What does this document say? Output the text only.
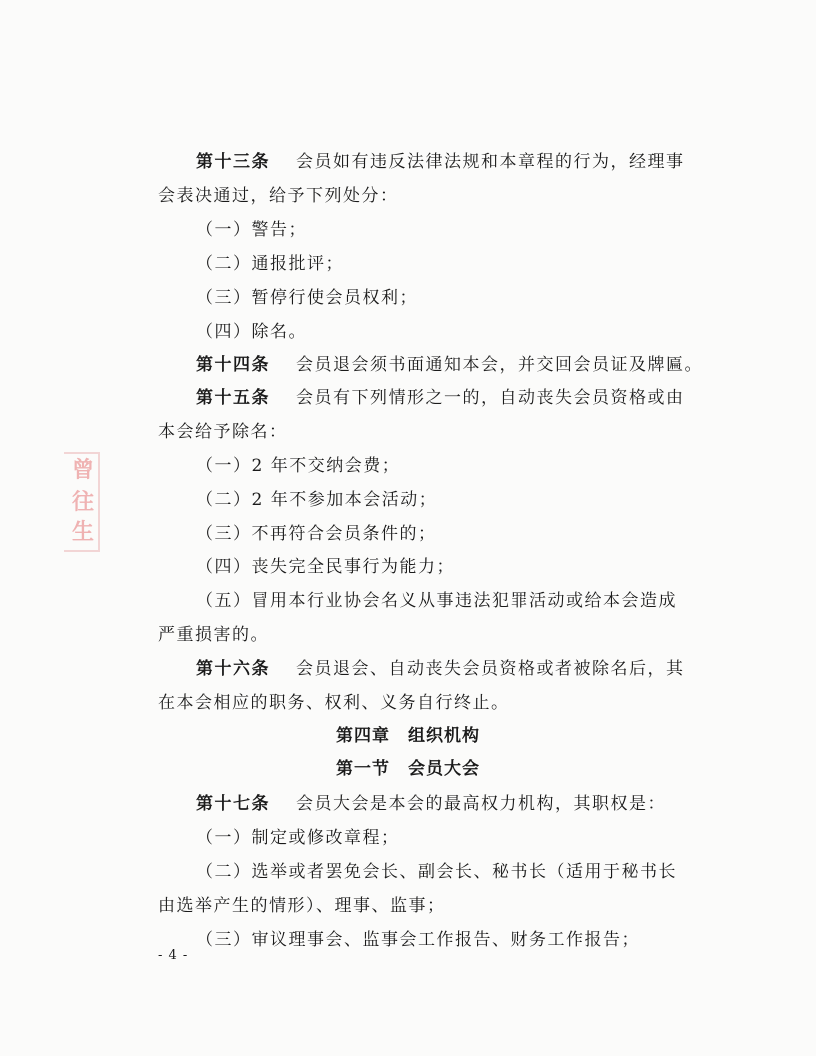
第十三条 会员如有违反法律法规和本章程的行为，经理事
会表决通过，给予下列处分：
（一）警告；
（二）通报批评；
（三）暂停行使会员权利；
（四）除名。
第十四条 会员退会须书面通知本会，并交回会员证及牌匾。
第十五条 会员有下列情形之一的，自动丧失会员资格或由
本会给予除名：
（一）2 年不交纳会费；
（二）2 年不参加本会活动；
（三）不再符合会员条件的；
（四）丧失完全民事行为能力；
（五）冒用本行业协会名义从事违法犯罪活动或给本会造成
严重损害的。
第十六条 会员退会、自动丧失会员资格或者被除名后，其
在本会相应的职务、权利、义务自行终止。
第四章　组织机构
第一节　会员大会
第十七条 会员大会是本会的最高权力机构，其职权是：
（一）制定或修改章程；
（二）选举或者罢免会长、副会长、秘书长（适用于秘书长
由选举产生的情形）、理事、监事；
（三）审议理事会、监事会工作报告、财务工作报告；
曾
往
生
- 4 -
